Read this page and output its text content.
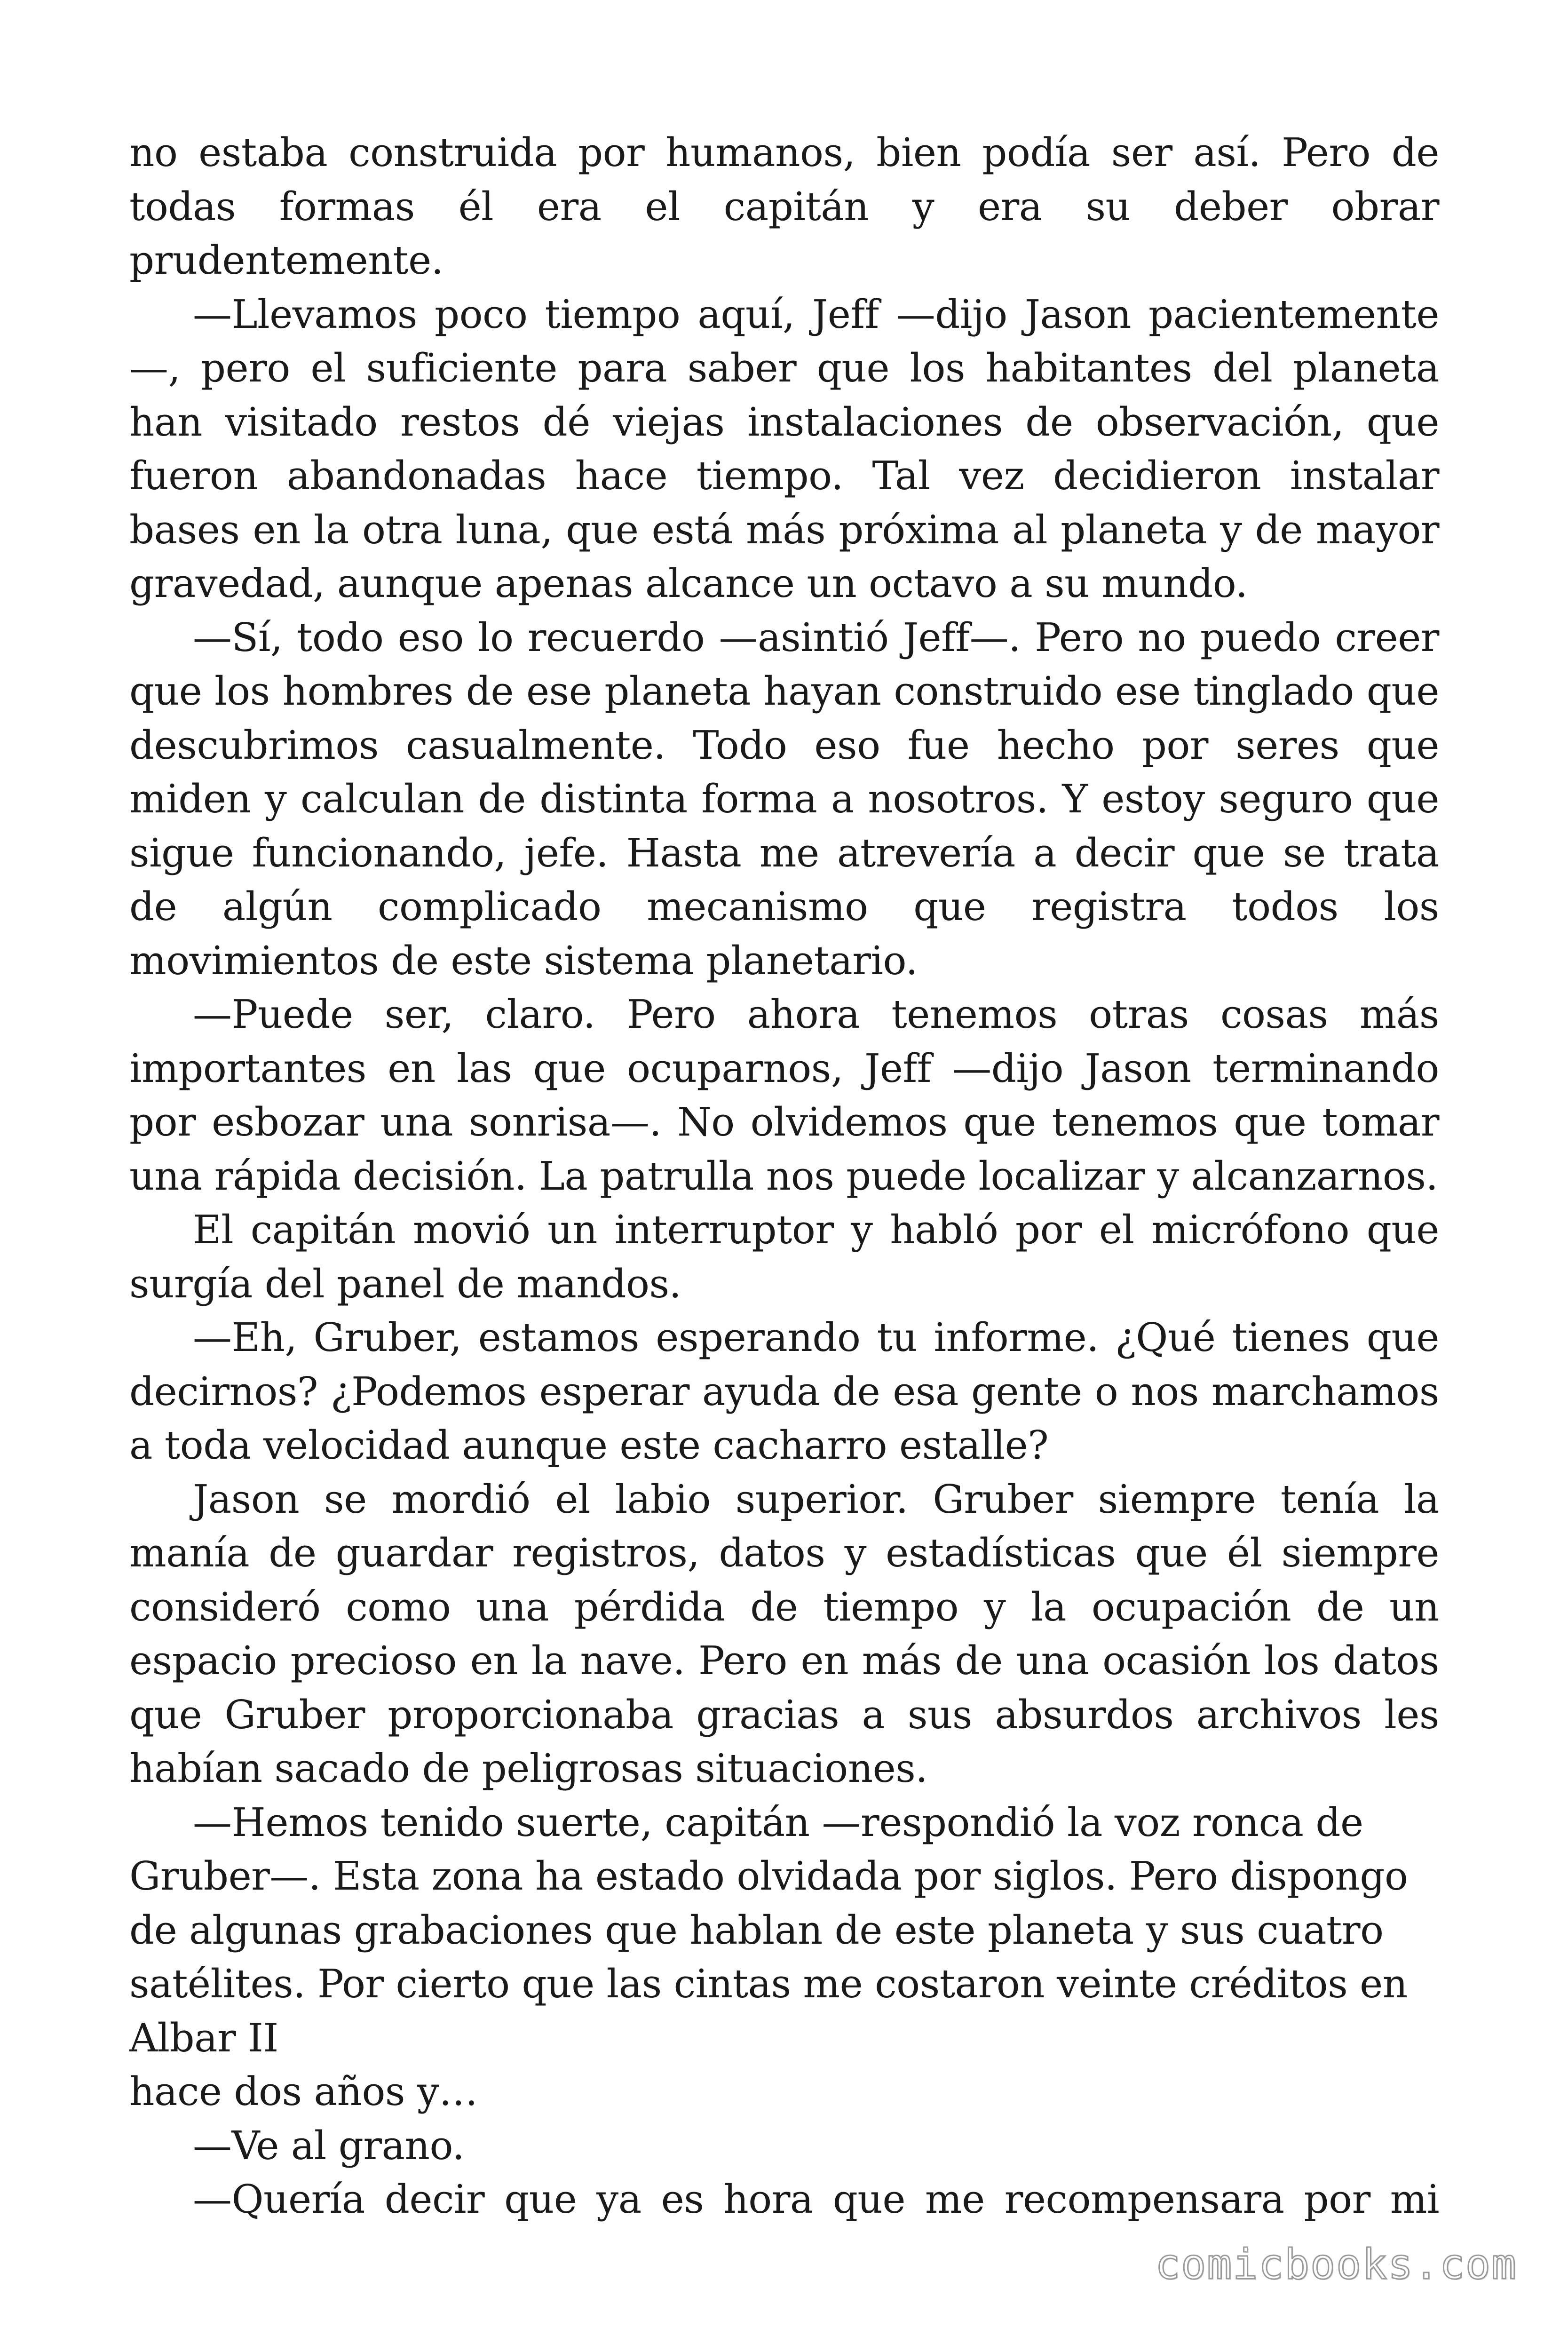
no estaba construida por humanos, bien podía ser así. Pero de todas formas él era el capitán y era su deber obrar prudentemente.

—Llevamos poco tiempo aquí, Jeff —dijo Jason pacientemente —, pero el suficiente para saber que los habitantes del planeta han visitado restos dé viejas instalaciones de observación, que fueron abandonadas hace tiempo. Tal vez decidieron instalar bases en la otra luna, que está más próxima al planeta y de mayor gravedad, aunque apenas alcance un octavo a su mundo.

—Sí, todo eso lo recuerdo —asintió Jeff—. Pero no puedo creer que los hombres de ese planeta hayan construido ese tinglado que descubrimos casualmente. Todo eso fue hecho por seres que miden y calculan de distinta forma a nosotros. Y estoy seguro que sigue funcionando, jefe. Hasta me atrevería a decir que se trata de algún complicado mecanismo que registra todos los movimientos de este sistema planetario.

—Puede ser, claro. Pero ahora tenemos otras cosas más importantes en las que ocuparnos, Jeff —dijo Jason terminando por esbozar una sonrisa—. No olvidemos que tenemos que tomar una rápida decisión. La patrulla nos puede localizar y alcanzarnos.

El capitán movió un interruptor y habló por el micrófono que surgía del panel de mandos.

—Eh, Gruber, estamos esperando tu informe. ¿Qué tienes que decirnos? ¿Podemos esperar ayuda de esa gente o nos marchamos a toda velocidad aunque este cacharro estalle?

Jason se mordió el labio superior. Gruber siempre tenía la manía de guardar registros, datos y estadísticas que él siempre consideró como una pérdida de tiempo y la ocupación de un espacio precioso en la nave. Pero en más de una ocasión los datos que Gruber proporcionaba gracias a sus absurdos archivos les habían sacado de peligrosas situaciones.

—Hemos tenido suerte, capitán —respondió la voz ronca de Gruber—. Esta zona ha estado olvidada por siglos. Pero dispongo de algunas grabaciones que hablan de este planeta y sus cuatro satélites. Por cierto que las cintas me costaron veinte créditos en

Albar II

hace dos años y…

—Ve al grano.

—Quería decir que ya es hora que me recompensara por mi

comicbooks.com
